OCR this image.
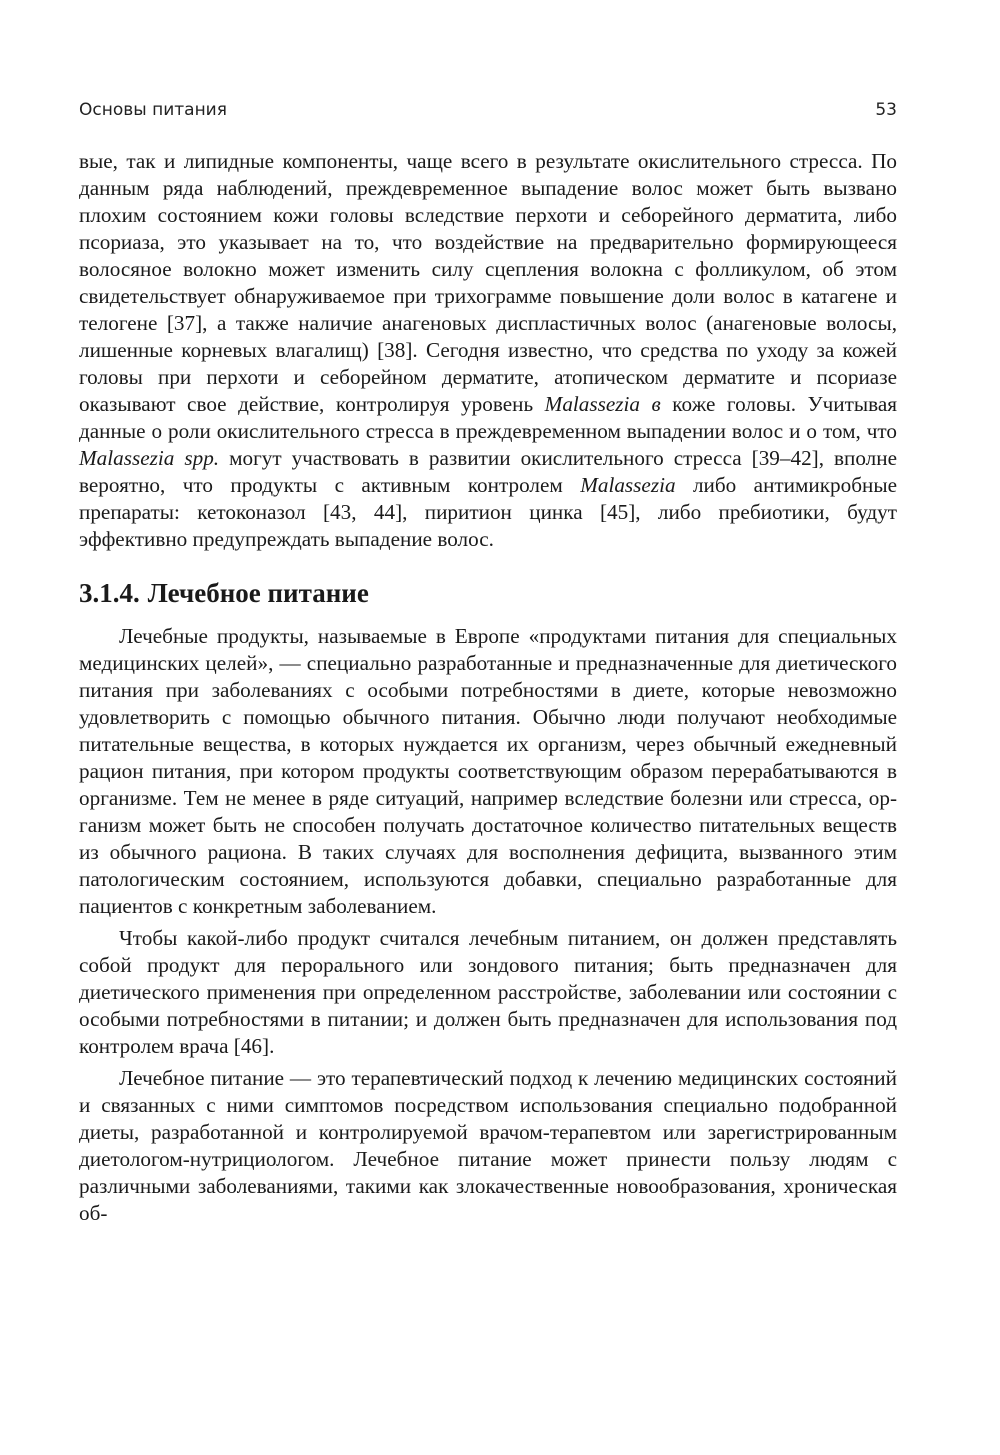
Основы питания	53

вые, так и липидные компоненты, чаще всего в результате окислительного стресса. По данным ряда наблюдений, преждевременное выпадение волос может быть вызвано плохим состоянием кожи головы вследствие перхоти и себорейного дерматита, либо псориаза, это указывает на то, что воздействие на предварительно формирующееся волосяное волокно может изменить силу сцепления волокна с фолликулом, об этом свидетельствует обнаруживаемое при трихограмме повышение доли волос в катагене и телогене [37], а также наличие анагеновых диспластичных волос (анагеновые волосы, лишенные корневых влагалищ) [38]. Сегодня известно, что средства по уходу за кожей головы при перхоти и себорейном дерматите, атопическом дерматите и псориазе оказывают свое действие, контролируя уровень Malassezia в коже головы. Учитывая данные о роли окислительного стресса в преждевременном выпадении волос и о том, что Malassezia spp. могут участвовать в развитии окислительного стресса [39–42], вполне вероятно, что продукты с активным контролем Malassezia либо антимикробные препараты: кетоконазол [43, 44], пиритион цинка [45], либо пребиотики, будут эффективно предупреждать выпадение волос.

3.1.4. Лечебное питание

Лечебные продукты, называемые в Европе «продуктами питания для специальных медицинских целей», — специально разработанные и предназначенные для диетического питания при заболеваниях с особыми потребностями в диете, которые невозможно удовлетворить с помощью обычного питания. Обычно люди получают необходимые питательные вещества, в которых нуждается их организм, через обычный ежедневный рацион питания, при котором продукты соответствующим образом перерабатываются в организме. Тем не менее в ряде ситуаций, например вследствие болезни или стресса, организм может быть не способен получать достаточное количество питательных веществ из обычного рациона. В таких случаях для восполнения дефицита, вызванного этим патологическим состоянием, используются добавки, специально разработанные для пациентов с конкретным заболеванием.

Чтобы какой-либо продукт считался лечебным питанием, он должен представлять собой продукт для перорального или зондового питания; быть предназначен для диетического применения при определенном расстройстве, заболевании или состоянии с особыми потребностями в питании; и должен быть предназначен для использования под контролем врача [46].

Лечебное питание — это терапевтический подход к лечению медицинских состояний и связанных с ними симптомов посредством использования специально подобранной диеты, разработанной и контролируемой врачом-терапевтом или зарегистрированным диетологом-нутрициологом. Лечебное питание может принести пользу людям с различными заболеваниями, такими как злокачественные новообразования, хроническая об-
